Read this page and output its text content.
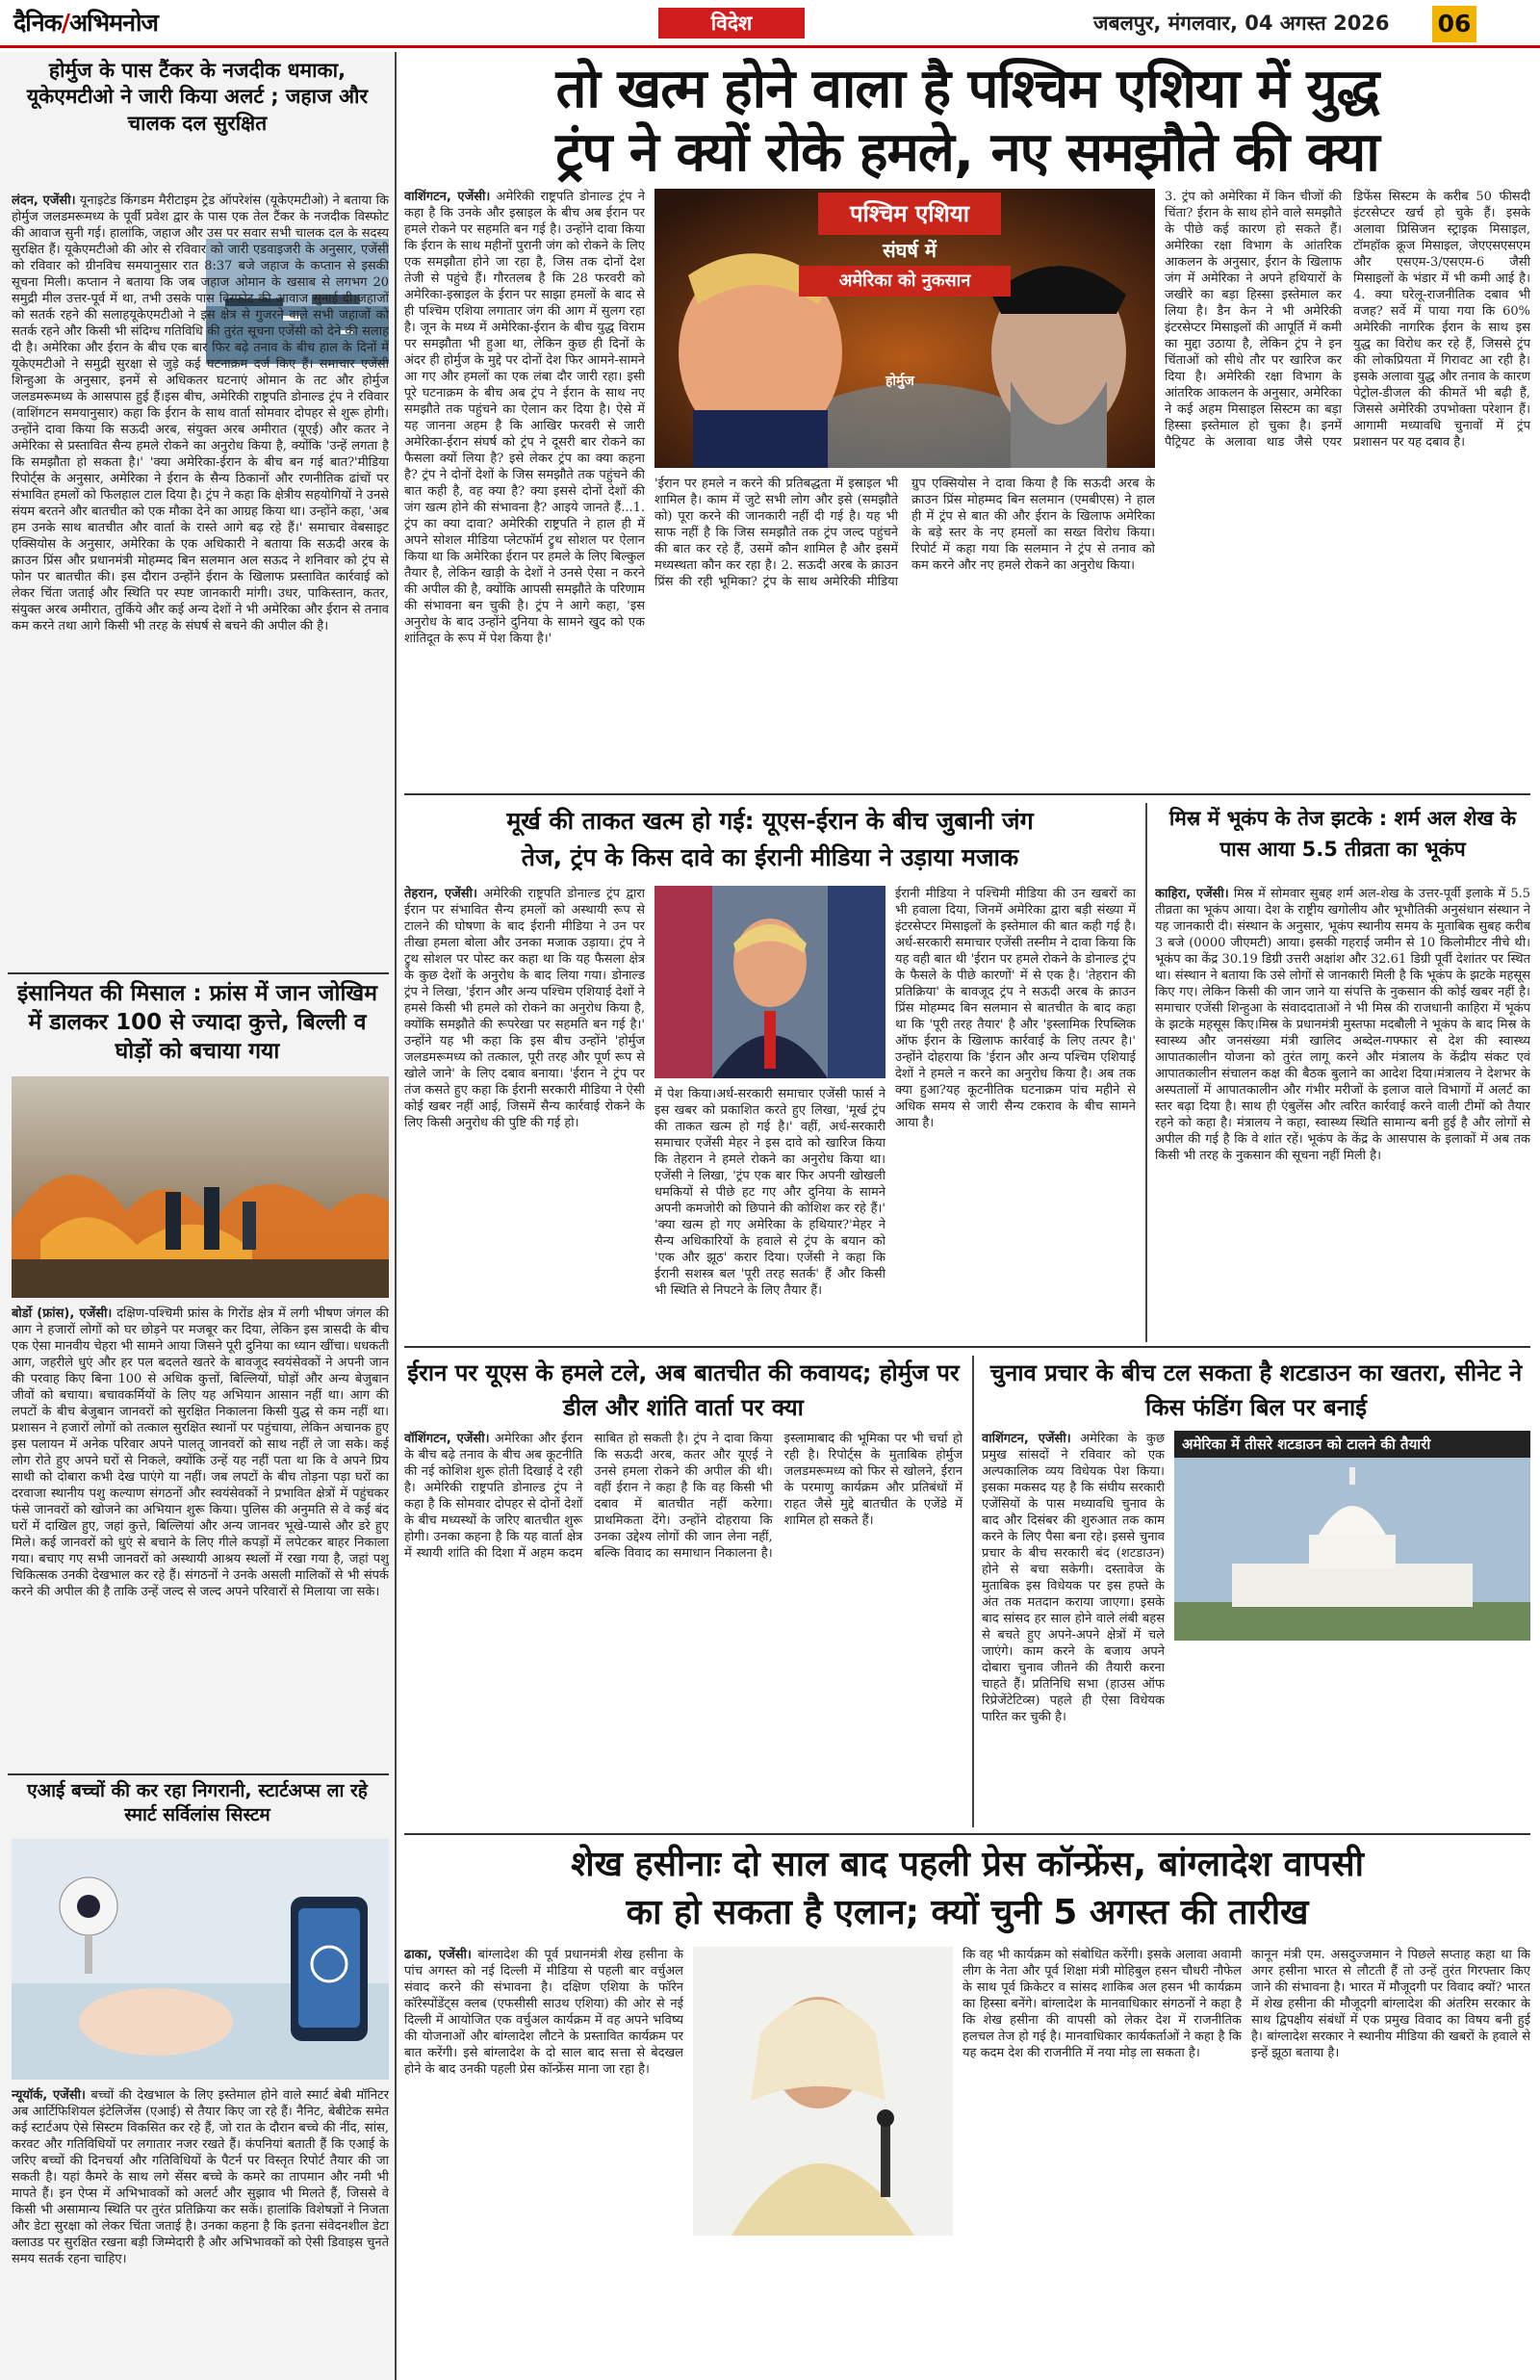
दैनिक/अभिमनोज	विदेश	जबलपुर, मंगलवार, 04 अगस्त 2026 06
होर्मुज के पास टैंकर के नजदीक धमाका, यूकेएमटीओ ने जारी किया अलर्ट ; जहाज और चालक दल सुरक्षित
लंदन, एजेंसी। यूनाइटेड किंगडम मैरीटाइम ट्रेड ऑपरेशंस (यूकेएमटीओ) ने बताया कि होर्मुज जलडमरूमध्य के पूर्वी प्रवेश द्वार के पास एक तेल टैंकर के नजदीक विस्फोट की आवाज सुनी गई। हालांकि, जहाज और उस पर सवार सभी चालक दल के सदस्य सुरक्षित हैं। यूकेएमटीओ की ओर से रविवार को जारी एडवाइजरी के अनुसार, एजेंसी को रविवार को ग्रीनविच समयानुसार रात 8:37 बजे जहाज के कप्तान से इसकी सूचना मिली। कप्तान ने बताया कि जब जहाज ओमान के खसाब से लगभग 20 समुद्री मील उत्तर-पूर्व में था, तभी उसके पास विस्फोट की आवाज सुनाई दी।जहाजों को सतर्क रहने की सलाहयूकेएमटीओ ने इस क्षेत्र से गुजरने वाले सभी जहाजों को सतर्क रहने और किसी भी संदिग्ध गतिविधि की तुरंत सूचना एजेंसी को देने की सलाह दी है। अमेरिका और ईरान के बीच एक बार फिर बढ़े तनाव के बीच हाल के दिनों में यूकेएमटीओ ने समुद्री सुरक्षा से जुड़े कई घटनाक्रम दर्ज किए हैं। समाचार एजेंसी शिन्हुआ के अनुसार, इनमें से अधिकतर घटनाएं ओमान के तट और होर्मुज जलडमरूमध्य के आसपास हुई हैं।इस बीच, अमेरिकी राष्ट्रपति डोनाल्ड ट्रंप ने रविवार (वाशिंगटन समयानुसार) कहा कि ईरान के साथ वार्ता सोमवार दोपहर से शुरू होगी। उन्होंने दावा किया कि सऊदी अरब, संयुक्त अरब अमीरात (यूएई) और कतर ने अमेरिका से प्रस्तावित सैन्य हमले रोकने का अनुरोध किया है, क्योंकि 'उन्हें लगता है कि समझौता हो सकता है।' 'क्या अमेरिका-ईरान के बीच बन गई बात?'मीडिया रिपोर्ट्स के अनुसार, अमेरिका ने ईरान के सैन्य ठिकानों और रणनीतिक ढांचों पर संभावित हमलों को फिलहाल टाल दिया है। ट्रंप ने कहा कि क्षेत्रीय सहयोगियों ने उनसे संयम बरतने और बातचीत को एक मौका देने का आग्रह किया था। उन्होंने कहा, 'अब हम उनके साथ बातचीत और वार्ता के रास्ते आगे बढ़ रहे हैं।' समाचार वेबसाइट एक्सियोस के अनुसार, अमेरिका के एक अधिकारी ने बताया कि सऊदी अरब के क्राउन प्रिंस और प्रधानमंत्री मोहम्मद बिन सलमान अल सऊद ने शनिवार को ट्रंप से फोन पर बातचीत की। इस दौरान उन्होंने ईरान के खिलाफ प्रस्तावित कार्रवाई को लेकर चिंता जताई और स्थिति पर स्पष्ट जानकारी मांगी। उधर, पाकिस्तान, कतर, संयुक्त अरब अमीरात, तुर्किये और कई अन्य देशों ने भी अमेरिका और ईरान से तनाव कम करने तथा आगे किसी भी तरह के संघर्ष से बचने की अपील की है।
इंसानियत की मिसाल : फ्रांस में जान जोखिम में डालकर 100 से ज्यादा कुत्ते, बिल्ली व घोड़ों को बचाया गया
बोर्डो (फ्रांस), एजेंसी। दक्षिण-पश्चिमी फ्रांस के गिरोंड क्षेत्र में लगी भीषण जंगल की आग ने हजारों लोगों को घर छोड़ने पर मजबूर कर दिया, लेकिन इस त्रासदी के बीच एक ऐसा मानवीय चेहरा भी सामने आया जिसने पूरी दुनिया का ध्यान खींचा। धधकती आग, जहरीले धुएं और हर पल बदलते खतरे के बावजूद स्वयंसेवकों ने अपनी जान की परवाह किए बिना 100 से अधिक कुत्तों, बिल्लियों, घोड़ों और अन्य बेजुबान जीवों को बचाया। बचावकर्मियों के लिए यह अभियान आसान नहीं था। आग की लपटों के बीच बेजुबान जानवरों को सुरक्षित निकालना किसी युद्ध से कम नहीं था। प्रशासन ने हजारों लोगों को तत्काल सुरक्षित स्थानों पर पहुंचाया, लेकिन अचानक हुए इस पलायन में अनेक परिवार अपने पालतू जानवरों को साथ नहीं ले जा सके। कई लोग रोते हुए अपने घरों से निकले, क्योंकि उन्हें यह नहीं पता था कि वे अपने प्रिय साथी को दोबारा कभी देख पाएंगे या नहीं। जब लपटों के बीच तोड़ना पड़ा घरों का दरवाजा स्थानीय पशु कल्याण संगठनों और स्वयंसेवकों ने प्रभावित क्षेत्रों में पहुंचकर फंसे जानवरों को खोजने का अभियान शुरू किया। पुलिस की अनुमति से वे कई बंद घरों में दाखिल हुए, जहां कुत्ते, बिल्लियां और अन्य जानवर भूखे-प्यासे और डरे हुए मिले। कई जानवरों को धुएं से बचाने के लिए गीले कपड़ों में लपेटकर बाहर निकाला गया। बचाए गए सभी जानवरों को अस्थायी आश्रय स्थलों में रखा गया है, जहां पशु चिकित्सक उनकी देखभाल कर रहे हैं। संगठनों ने उनके असली मालिकों से भी संपर्क करने की अपील की है ताकि उन्हें जल्द से जल्द अपने परिवारों से मिलाया जा सके।
एआई बच्चों की कर रहा निगरानी, स्टार्टअप्स ला रहे स्मार्ट सर्विलांस सिस्टम
न्यूयॉर्क, एजेंसी। बच्चों की देखभाल के लिए इस्तेमाल होने वाले स्मार्ट बेबी मॉनिटर अब आर्टिफिशियल इंटेलिजेंस (एआई) से तैयार किए जा रहे हैं। नैनिट, बेबीटेक समेत कई स्टार्टअप ऐसे सिस्टम विकसित कर रहे हैं, जो रात के दौरान बच्चे की नींद, सांस, करवट और गतिविधियों पर लगातार नजर रखते हैं। कंपनियां बताती हैं कि एआई के जरिए बच्चों की दिनचर्या और गतिविधियों के पैटर्न पर विस्तृत रिपोर्ट तैयार की जा सकती है। यहां कैमरे के साथ लगे सेंसर बच्चे के कमरे का तापमान और नमी भी मापते हैं। इन ऐप्स में अभिभावकों को अलर्ट और सुझाव भी मिलते हैं, जिससे वे किसी भी असामान्य स्थिति पर तुरंत प्रतिक्रिया कर सकें। हालांकि विशेषज्ञों ने निजता और डेटा सुरक्षा को लेकर चिंता जताई है। उनका कहना है कि इतना संवेदनशील डेटा क्लाउड पर सुरक्षित रखना बड़ी जिम्मेदारी है और अभिभावकों को ऐसी डिवाइस चुनते समय सतर्क रहना चाहिए।
तो खत्म होने वाला है पश्चिम एशिया में युद्ध
ट्रंप ने क्यों रोके हमले, नए समझौते की क्या
वाशिंगटन, एजेंसी। अमेरिकी राष्ट्रपति डोनाल्ड ट्रंप ने कहा है कि उनके और इस्राइल के बीच अब ईरान पर हमले रोकने पर सहमति बन गई है। उन्होंने दावा किया कि ईरान के साथ महीनों पुरानी जंग को रोकने के लिए एक समझौता होने जा रहा है, जिस तक दोनों देश तेजी से पहुंचे हैं। गौरतलब है कि 28 फरवरी को अमेरिका-इस्राइल के ईरान पर साझा हमलों के बाद से ही पश्चिम एशिया लगातार जंग की आग में सुलग रहा है। जून के मध्य में अमेरिका-ईरान के बीच युद्ध विराम पर समझौता भी हुआ था, लेकिन कुछ ही दिनों के अंदर ही होर्मुज के मुद्दे पर दोनों देश फिर आमने-सामने आ गए और हमलों का एक लंबा दौर जारी रहा। इसी पूरे घटनाक्रम के बीच अब ट्रंप ने ईरान के साथ नए समझौते तक पहुंचने का ऐलान कर दिया है। ऐसे में यह जानना अहम है कि आखिर फरवरी से जारी अमेरिका-ईरान संघर्ष को ट्रंप ने दूसरी बार रोकने का फैसला क्यों लिया है? इसे लेकर ट्रंप का क्या कहना है? ट्रंप ने दोनों देशों के जिस समझौते तक पहुंचने की बात कही है, वह क्या है? क्या इससे दोनों देशों की जंग खत्म होने की संभावना है? आइये जानते हैं...1. ट्रंप का क्या दावा? अमेरिकी राष्ट्रपति ने हाल ही में अपने सोशल मीडिया प्लेटफॉर्म ट्रुथ सोशल पर ऐलान किया था कि अमेरिका ईरान पर हमले के लिए बिल्कुल तैयार है, लेकिन खाड़ी के देशों ने उनसे ऐसा न करने की अपील की है, क्योंकि आपसी समझौते के परिणाम की संभावना बन चुकी है। ट्रंप ने आगे कहा, 'इस अनुरोध के बाद उन्होंने दुनिया के सामने खुद को एक शांतिदूत के रूप में पेश किया है।'
पश्चिम एशिया
संघर्ष में
अमेरिका को नुकसान
होर्मुज
'ईरान पर हमले न करने की प्रतिबद्धता में इस्राइल भी शामिल है। काम में जुटे सभी लोग और इसे (समझौते को) पूरा करने की जानकारी नहीं दी गई है। यह भी साफ नहीं है कि जिस समझौते तक ट्रंप जल्द पहुंचने की बात कर रहे हैं, उसमें कौन शामिल है और इसमें मध्यस्थता कौन कर रहा है। 2. सऊदी अरब के क्राउन प्रिंस की रही भूमिका? ट्रंप के साथ अमेरिकी मीडिया ग्रुप एक्सियोस ने दावा किया है कि सऊदी अरब के क्राउन प्रिंस मोहम्मद बिन सलमान (एमबीएस) ने हाल ही में ट्रंप से बात की और ईरान के खिलाफ अमेरिका के बड़े स्तर के नए हमलों का सख्त विरोध किया। रिपोर्ट में कहा गया कि सलमान ने ट्रंप से तनाव को कम करने और नए हमले रोकने का अनुरोध किया।
3. ट्रंप को अमेरिका में किन चीजों की चिंता? ईरान के साथ होने वाले समझौते के पीछे कई कारण हो सकते हैं। अमेरिका रक्षा विभाग के आंतरिक आकलन के अनुसार, ईरान के खिलाफ जंग में अमेरिका ने अपने हथियारों के जखीरे का बड़ा हिस्सा इस्तेमाल कर लिया है। डैन केन ने भी अमेरिकी इंटरसेप्टर मिसाइलों की आपूर्ति में कमी का मुद्दा उठाया है, लेकिन ट्रंप ने इन चिंताओं को सीधे तौर पर खारिज कर दिया है। अमेरिकी रक्षा विभाग के आंतरिक आकलन के अनुसार, अमेरिका ने कई अहम मिसाइल सिस्टम का बड़ा हिस्सा इस्तेमाल हो चुका है। इनमें पैट्रियट के अलावा थाड जैसे एयर डिफेंस सिस्टम के करीब 50 फीसदी इंटरसेप्टर खर्च हो चुके हैं। इसके अलावा प्रिसिजन स्ट्राइक मिसाइल, टॉमहॉक क्रूज मिसाइल, जेएएसएसएम और एसएम-3/एसएम-6 जैसी मिसाइलों के भंडार में भी कमी आई है। 4. क्या घरेलू-राजनीतिक दबाव भी वजह? सर्वे में पाया गया कि 60% अमेरिकी नागरिक ईरान के साथ इस युद्ध का विरोध कर रहे हैं, जिससे ट्रंप की लोकप्रियता में गिरावट आ रही है। इसके अलावा युद्ध और तनाव के कारण पेट्रोल-डीजल की कीमतें भी बढ़ी हैं, जिससे अमेरिकी उपभोक्ता परेशान हैं। आगामी मध्यावधि चुनावों में ट्रंप प्रशासन पर यह दबाव है।
मूर्ख की ताकत खत्म हो गई: यूएस-ईरान के बीच जुबानी जंग
तेज, ट्रंप के किस दावे का ईरानी मीडिया ने उड़ाया मजाक
तेहरान, एजेंसी। अमेरिकी राष्ट्रपति डोनाल्ड ट्रंप द्वारा ईरान पर संभावित सैन्य हमलों को अस्थायी रूप से टालने की घोषणा के बाद ईरानी मीडिया ने उन पर तीखा हमला बोला और उनका मजाक उड़ाया। ट्रंप ने ट्रुथ सोशल पर पोस्ट कर कहा था कि यह फैसला क्षेत्र के कुछ देशों के अनुरोध के बाद लिया गया। डोनाल्ड ट्रंप ने लिखा, 'ईरान और अन्य पश्चिम एशियाई देशों ने हमसे किसी भी हमले को रोकने का अनुरोध किया है, क्योंकि समझौते की रूपरेखा पर सहमति बन गई है।' उन्होंने यह भी कहा कि इस बीच उन्होंने 'होर्मुज जलडमरूमध्य को तत्काल, पूरी तरह और पूर्ण रूप से खोले जाने' के लिए दबाव बनाया। 'ईरान ने ट्रंप पर तंज कसते हुए कहा कि ईरानी सरकारी मीडिया ने ऐसी कोई खबर नहीं आई, जिसमें सैन्य कार्रवाई रोकने के लिए किसी अनुरोध की पुष्टि की गई हो।
में पेश किया।अर्ध-सरकारी समाचार एजेंसी फार्स ने इस खबर को प्रकाशित करते हुए लिखा, 'मूर्ख ट्रंप की ताकत खत्म हो गई है।' वहीं, अर्ध-सरकारी समाचार एजेंसी मेहर ने इस दावे को खारिज किया कि तेहरान ने हमले रोकने का अनुरोध किया था। एजेंसी ने लिखा, 'ट्रंप एक बार फिर अपनी खोखली धमकियों से पीछे हट गए और दुनिया के सामने अपनी कमजोरी को छिपाने की कोशिश कर रहे हैं।' 'क्या खत्म हो गए अमेरिका के हथियार?'मेहर ने सैन्य अधिकारियों के हवाले से ट्रंप के बयान को 'एक और झूठ' करार दिया। एजेंसी ने कहा कि ईरानी सशस्त्र बल 'पूरी तरह सतर्क' हैं और किसी भी स्थिति से निपटने के लिए तैयार हैं।
ईरानी मीडिया ने पश्चिमी मीडिया की उन खबरों का भी हवाला दिया, जिनमें अमेरिका द्वारा बड़ी संख्या में इंटरसेप्टर मिसाइलों के इस्तेमाल की बात कही गई है। अर्ध-सरकारी समाचार एजेंसी तस्नीम ने दावा किया कि यह वही बात थी 'ईरान पर हमले रोकने के डोनाल्ड ट्रंप के फैसले के पीछे कारणों' में से एक है। 'तेहरान की प्रतिक्रिया' के बावजूद ट्रंप ने सऊदी अरब के क्राउन प्रिंस मोहम्मद बिन सलमान से बातचीत के बाद कहा था कि 'पूरी तरह तैयार' है और 'इस्लामिक रिपब्लिक ऑफ ईरान के खिलाफ कार्रवाई के लिए तत्पर है।' उन्होंने दोहराया कि 'ईरान और अन्य पश्चिम एशियाई देशों ने हमले न करने का अनुरोध किया है। अब तक क्या हुआ?यह कूटनीतिक घटनाक्रम पांच महीने से अधिक समय से जारी सैन्य टकराव के बीच सामने आया है।
मिस्र में भूकंप के तेज झटके : शर्म अल शेख के पास आया 5.5 तीव्रता का भूकंप
काहिरा, एजेंसी। मिस्र में सोमवार सुबह शर्म अल-शेख के उत्तर-पूर्वी इलाके में 5.5 तीव्रता का भूकंप आया। देश के राष्ट्रीय खगोलीय और भूभौतिकी अनुसंधान संस्थान ने यह जानकारी दी। संस्थान के अनुसार, भूकंप स्थानीय समय के मुताबिक सुबह करीब 3 बजे (0000 जीएमटी) आया। इसकी गहराई जमीन से 10 किलोमीटर नीचे थी। भूकंप का केंद्र 30.19 डिग्री उत्तरी अक्षांश और 32.61 डिग्री पूर्वी देशांतर पर स्थित था। संस्थान ने बताया कि उसे लोगों से जानकारी मिली है कि भूकंप के झटके महसूस किए गए। लेकिन किसी की जान जाने या संपत्ति के नुकसान की कोई खबर नहीं है। समाचार एजेंसी शिन्हुआ के संवाददाताओं ने भी मिस्र की राजधानी काहिरा में भूकंप के झटके महसूस किए।मिस्र के प्रधानमंत्री मुस्तफा मदबौली ने भूकंप के बाद मिस्र के स्वास्थ्य और जनसंख्या मंत्री खालिद अब्देल-गफ्फार से देश की स्वास्थ्य आपातकालीन योजना को तुरंत लागू करने और मंत्रालय के केंद्रीय संकट एवं आपातकालीन संचालन कक्ष की बैठक बुलाने का आदेश दिया।मंत्रालय ने देशभर के अस्पतालों में आपातकालीन और गंभीर मरीजों के इलाज वाले विभागों में अलर्ट का स्तर बढ़ा दिया है। साथ ही एंबुलेंस और त्वरित कार्रवाई करने वाली टीमों को तैयार रहने को कहा है। मंत्रालय ने कहा, स्वास्थ्य स्थिति सामान्य बनी हुई है और लोगों से अपील की गई है कि वे शांत रहें। भूकंप के केंद्र के आसपास के इलाकों में अब तक किसी भी तरह के नुकसान की सूचना नहीं मिली है।
ईरान पर यूएस के हमले टले, अब बातचीत की कवायद; होर्मुज पर डील और शांति वार्ता पर क्या
वॉशिंगटन, एजेंसी। अमेरिका और ईरान के बीच बढ़े तनाव के बीच अब कूटनीति की नई कोशिश शुरू होती दिखाई दे रही है। अमेरिकी राष्ट्रपति डोनाल्ड ट्रंप ने कहा है कि सोमवार दोपहर से दोनों देशों के बीच मध्यस्थों के जरिए बातचीत शुरू होगी। उनका कहना है कि यह वार्ता क्षेत्र में स्थायी शांति की दिशा में अहम कदम साबित हो सकती है। ट्रंप ने दावा किया कि सऊदी अरब, कतर और यूएई ने उनसे हमला रोकने की अपील की थी। वहीं ईरान ने कहा है कि वह किसी भी दबाव में बातचीत नहीं करेगा। प्राथमिकता देंगे। उन्होंने दोहराया कि उनका उद्देश्य लोगों की जान लेना नहीं, बल्कि विवाद का समाधान निकालना है। इस्लामाबाद की भूमिका पर भी चर्चा हो रही है। रिपोर्ट्स के मुताबिक होर्मुज जलडमरूमध्य को फिर से खोलने, ईरान के परमाणु कार्यक्रम और प्रतिबंधों में राहत जैसे मुद्दे बातचीत के एजेंडे में शामिल हो सकते हैं।
चुनाव प्रचार के बीच टल सकता है शटडाउन का खतरा, सीनेट ने किस फंडिंग बिल पर बनाई
वाशिंगटन, एजेंसी। अमेरिका के कुछ प्रमुख सांसदों ने रविवार को एक अल्पकालिक व्यय विधेयक पेश किया। इसका मकसद यह है कि संघीय सरकारी एजेंसियों के पास मध्यावधि चुनाव के बाद और दिसंबर की शुरुआत तक काम करने के लिए पैसा बना रहे। इससे चुनाव प्रचार के बीच सरकारी बंद (शटडाउन) होने से बचा सकेगी। दस्तावेज के मुताबिक इस विधेयक पर इस हफ्ते के अंत तक मतदान कराया जाएगा। इसके बाद सांसद हर साल होने वाले लंबी बहस से बचते हुए अपने-अपने क्षेत्रों में चले जाएंगे। काम करने के बजाय अपने दोबारा चुनाव जीतने की तैयारी करना चाहते हैं। प्रतिनिधि सभा (हाउस ऑफ रिप्रेजेंटेटिव्स) पहले ही ऐसा विधेयक पारित कर चुकी है।
अमेरिका में तीसरे शटडाउन को टालने की तैयारी
शेख हसीनाः दो साल बाद पहली प्रेस कॉन्फ्रेंस, बांग्लादेश वापसी
का हो सकता है एलान; क्यों चुनी 5 अगस्त की तारीख
ढाका, एजेंसी। बांग्लादेश की पूर्व प्रधानमंत्री शेख हसीना के पांच अगस्त को नई दिल्ली में मीडिया से पहली बार वर्चुअल संवाद करने की संभावना है। दक्षिण एशिया के फॉरेन कॉरेस्पोंडेंट्स क्लब (एफसीसी साउथ एशिया) की ओर से नई दिल्ली में आयोजित एक वर्चुअल कार्यक्रम में वह अपने भविष्य की योजनाओं और बांग्लादेश लौटने के प्रस्तावित कार्यक्रम पर बात करेंगी। इसे बांग्लादेश के दो साल बाद सत्ता से बेदखल होने के बाद उनकी पहली प्रेस कॉन्फ्रेंस माना जा रहा है।
कि वह भी कार्यक्रम को संबोधित करेंगी। इसके अलावा अवामी लीग के नेता और पूर्व शिक्षा मंत्री मोहिबुल हसन चौधरी नौफेल के साथ पूर्व क्रिकेटर व सांसद शाकिब अल हसन भी कार्यक्रम का हिस्सा बनेंगे। बांग्लादेश के मानवाधिकार संगठनों ने कहा है कि शेख हसीना की वापसी को लेकर देश में राजनीतिक हलचल तेज हो गई है। मानवाधिकार कार्यकर्ताओं ने कहा है कि यह कदम देश की राजनीति में नया मोड़ ला सकता है।
कानून मंत्री एम. असदुज्जमान ने पिछले सप्ताह कहा था कि अगर हसीना भारत से लौटती हैं तो उन्हें तुरंत गिरफ्तार किए जाने की संभावना है। भारत में मौजूदगी पर विवाद क्यों? भारत में शेख हसीना की मौजूदगी बांग्लादेश की अंतरिम सरकार के साथ द्विपक्षीय संबंधों में एक प्रमुख विवाद का विषय बनी हुई है। बांग्लादेश सरकार ने स्थानीय मीडिया की खबरों के हवाले से इन्हें झूठा बताया है।
